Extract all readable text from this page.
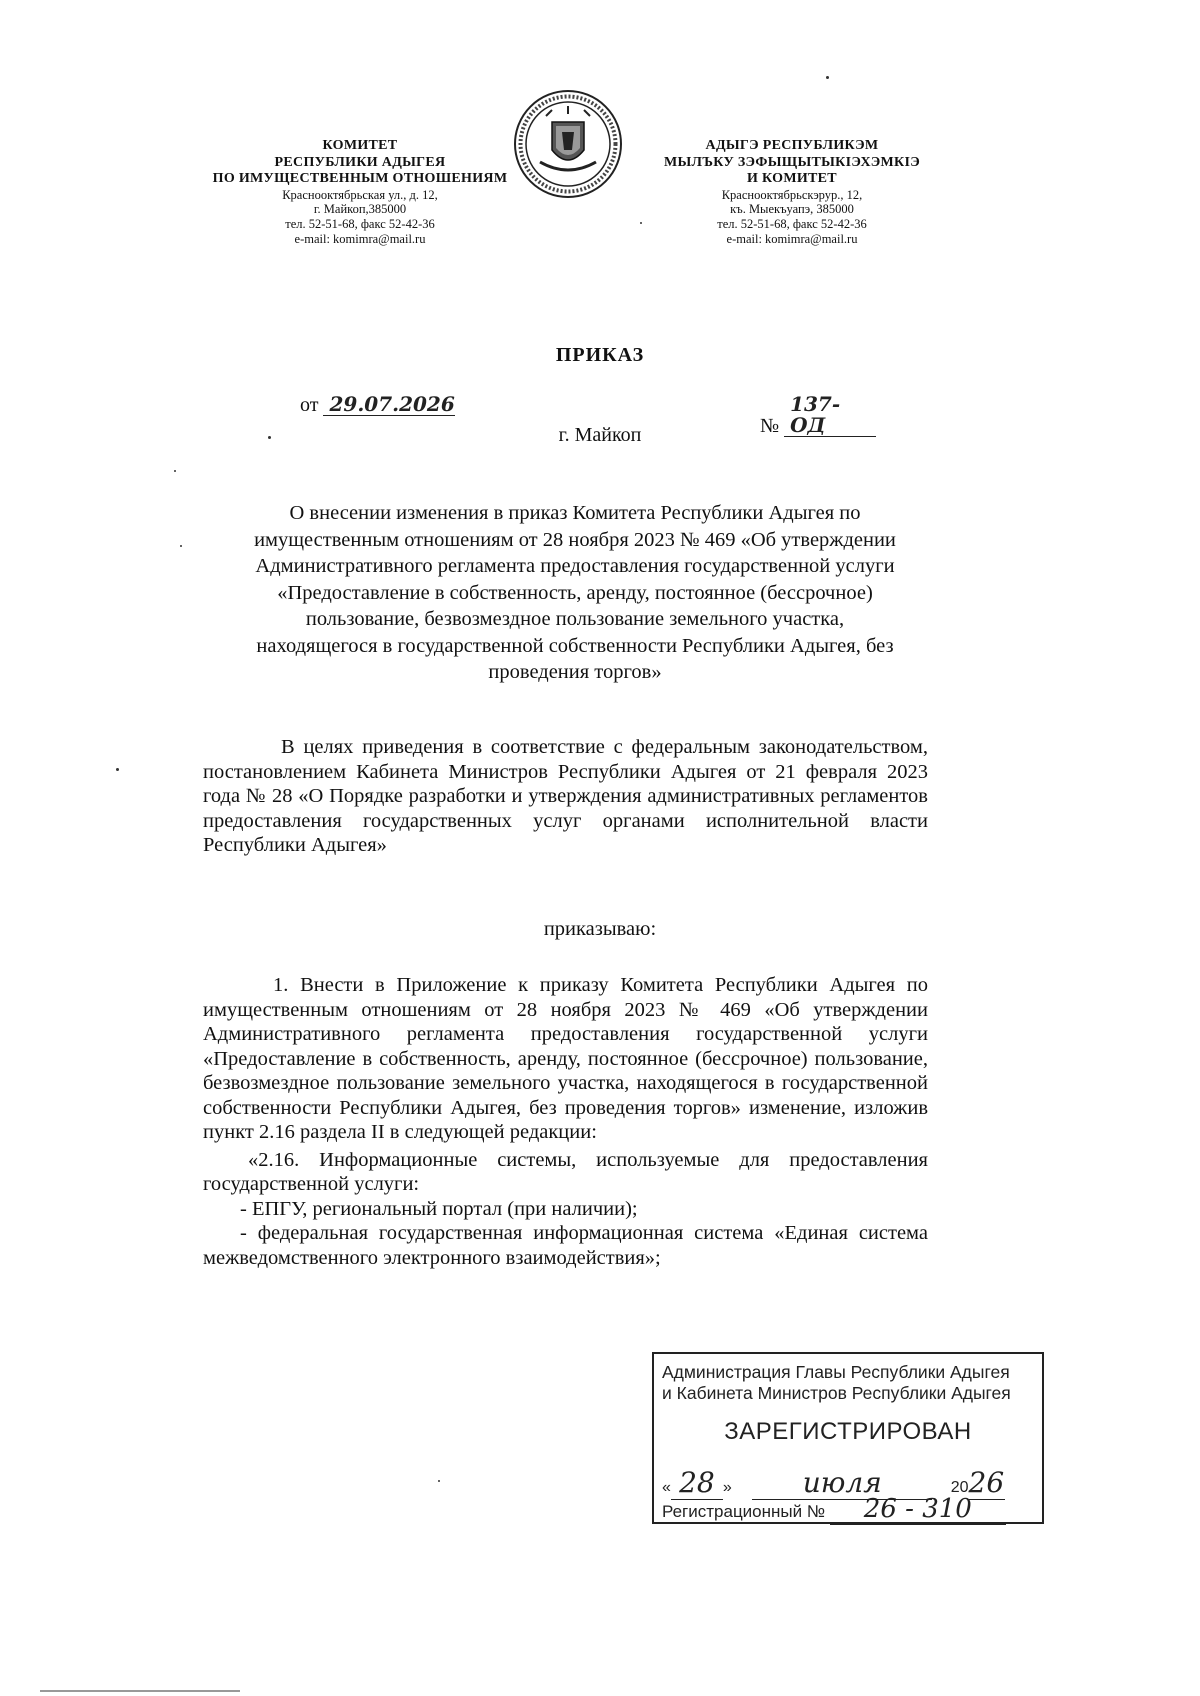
КОМИТЕТ
РЕСПУБЛИКИ АДЫГЕЯ
ПО ИМУЩЕСТВЕННЫМ ОТНОШЕНИЯМ
Краснооктябрьская ул., д. 12,
г. Майкоп,385000
тел. 52-51-68, факс 52-42-36
e-mail: komimra@mail.ru
АДЫГЭ РЕСПУБЛИКЭМ
МЫЛЪКУ ЗЭФЫЩЫТЫКIЭХЭМКIЭ
И КОМИТЕТ
Краснооктябрьскэрур., 12,
къ. Мыекъуапэ, 385000
тел. 52-51-68, факс 52-42-36
e-mail: komimra@mail.ru
ПРИКАЗ
от 29.07.2026
№ 137-ОД
г. Майкоп
О внесении изменения в приказ Комитета Республики Адыгея по
имущественным отношениям от 28 ноября 2023 № 469 «Об утверждении
Административного регламента предоставления государственной услуги
«Предоставление в собственность, аренду, постоянное (бессрочное)
пользование, безвозмездное пользование земельного участка,
находящегося в государственной собственности Республики Адыгея, без
проведения торгов»
В целях приведения в соответствие с федеральным законодательством, постановлением Кабинета Министров Республики Адыгея от 21 февраля 2023 года № 28 «О Порядке разработки и утверждения административных регламентов предоставления государственных услуг органами исполнительной власти Республики Адыгея»
приказываю:
1. Внести в Приложение к приказу Комитета Республики Адыгея по имущественным отношениям от 28 ноября 2023 № 469 «Об утверждении Административного регламента предоставления государственной услуги «Предоставление в собственность, аренду, постоянное (бессрочное) пользование, безвозмездное пользование земельного участка, находящегося в государственной собственности Республики Адыгея, без проведения торгов» изменение, изложив пункт 2.16 раздела II в следующей редакции:
«2.16. Информационные системы, используемые для предоставления государственной услуги:
- ЕПГУ, региональный портал (при наличии);
- федеральная государственная информационная система «Единая система межведомственного электронного взаимодействия»;
Администрация Главы Республики Адыгея
и Кабинета Министров Республики Адыгея
ЗАРЕГИСТРИРОВАН
« 28 »	июля	2026
Регистрационный № 26 - 310
